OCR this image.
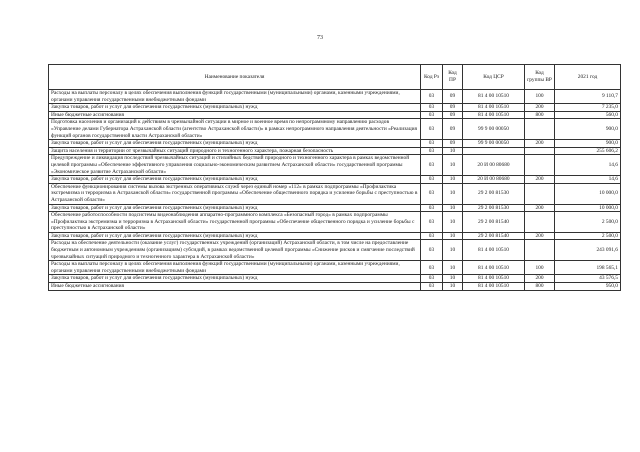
73
Наименование показателя	Код Рз	Код ПР	Код ЦСР	Код группы ВР	2021 год
Расходы на выплаты персоналу в целях обеспечения выполнения функций государственными (муниципальными) органами, казенными учреждениями, органами управления государственными внебюджетными фондами	03	09	81 4 00 10510	100	9 110,7
Закупка товаров, работ и услуг для обеспечения государственных (муниципальных) нужд	03	09	81 4 00 10510	200	7 235,0
Иные бюджетные ассигнования	03	09	81 4 00 10510	800	560,0
Подготовка населения и организаций к действиям в чрезвычайной ситуации в мирное и военное время по непрограммному направлению расходов «Управление делами Губернатора Астраханской области (агентство Астраханской области)» в рамках непрограммного направления деятельности «Реализация функций органов государственной власти Астраханской области»	03	09	99 9 00 00050		900,0
Закупка товаров, работ и услуг для обеспечения государственных (муниципальных) нужд	03	09	99 9 00 00050	200	900,0
Защита населения и территории от чрезвычайных ситуаций природного и техногенного характера, пожарная безопасность	03	10			255 606,2
Предупреждение и ликвидация последствий чрезвычайных ситуаций и стихийных бедствий природного и техногенного характера в рамках ведомственной целевой программы «Обеспечение эффективного управления социально-экономическим развитием Астраханской области» государственной программы «Экономическое развитие Астраханской области»	03	10	20 И 00 80680		14,6
Закупка товаров, работ и услуг для обеспечения государственных (муниципальных) нужд	03	10	20 И 00 80680	200	14,6
Обеспечение функционирования системы вызова экстренных оперативных служб через единый номер «112» в рамках подпрограммы «Профилактика экстремизма и терроризма в Астраханской области» государственной программы «Обеспечение общественного порядка и усиление борьбы с преступностью в Астраханской области»	03	10	29 2 00 81530		10 000,0
Закупка товаров, работ и услуг для обеспечения государственных (муниципальных) нужд	03	10	29 2 00 81530	200	10 000,0
Обеспечение работоспособности подсистемы видеонаблюдения аппаратно-программного комплекса «Безопасный город» в рамках подпрограммы «Профилактика экстремизма и терроризма в Астраханской области» государственной программы «Обеспечение общественного порядка и усиление борьбы с преступностью в Астраханской области»	03	10	29 2 00 81540		2 500,0
Закупка товаров, работ и услуг для обеспечения государственных (муниципальных) нужд	03	10	29 2 00 81540	200	2 500,0
Расходы на обеспечение деятельности (оказание услуг) государственных учреждений (организаций) Астраханской области, в том числе на предоставление бюджетным и автономным учреждениям (организациям) субсидий, в рамках ведомственной целевой программы «Снижение рисков и смягчение последствий чрезвычайных ситуаций природного и техногенного характера в Астраханской области»	03	10	81 4 00 10510		243 091,6
Расходы на выплаты персоналу в целях обеспечения выполнения функций государственными (муниципальными) органами, казенными учреждениями, органами управления государственными внебюджетными фондами	03	10	81 4 00 10510	100	198 565,1
Закупка товаров, работ и услуг для обеспечения государственных (муниципальных) нужд	03	10	81 4 00 10510	200	43 576,5
Иные бюджетные ассигнования	03	10	81 4 00 10510	800	950,0
